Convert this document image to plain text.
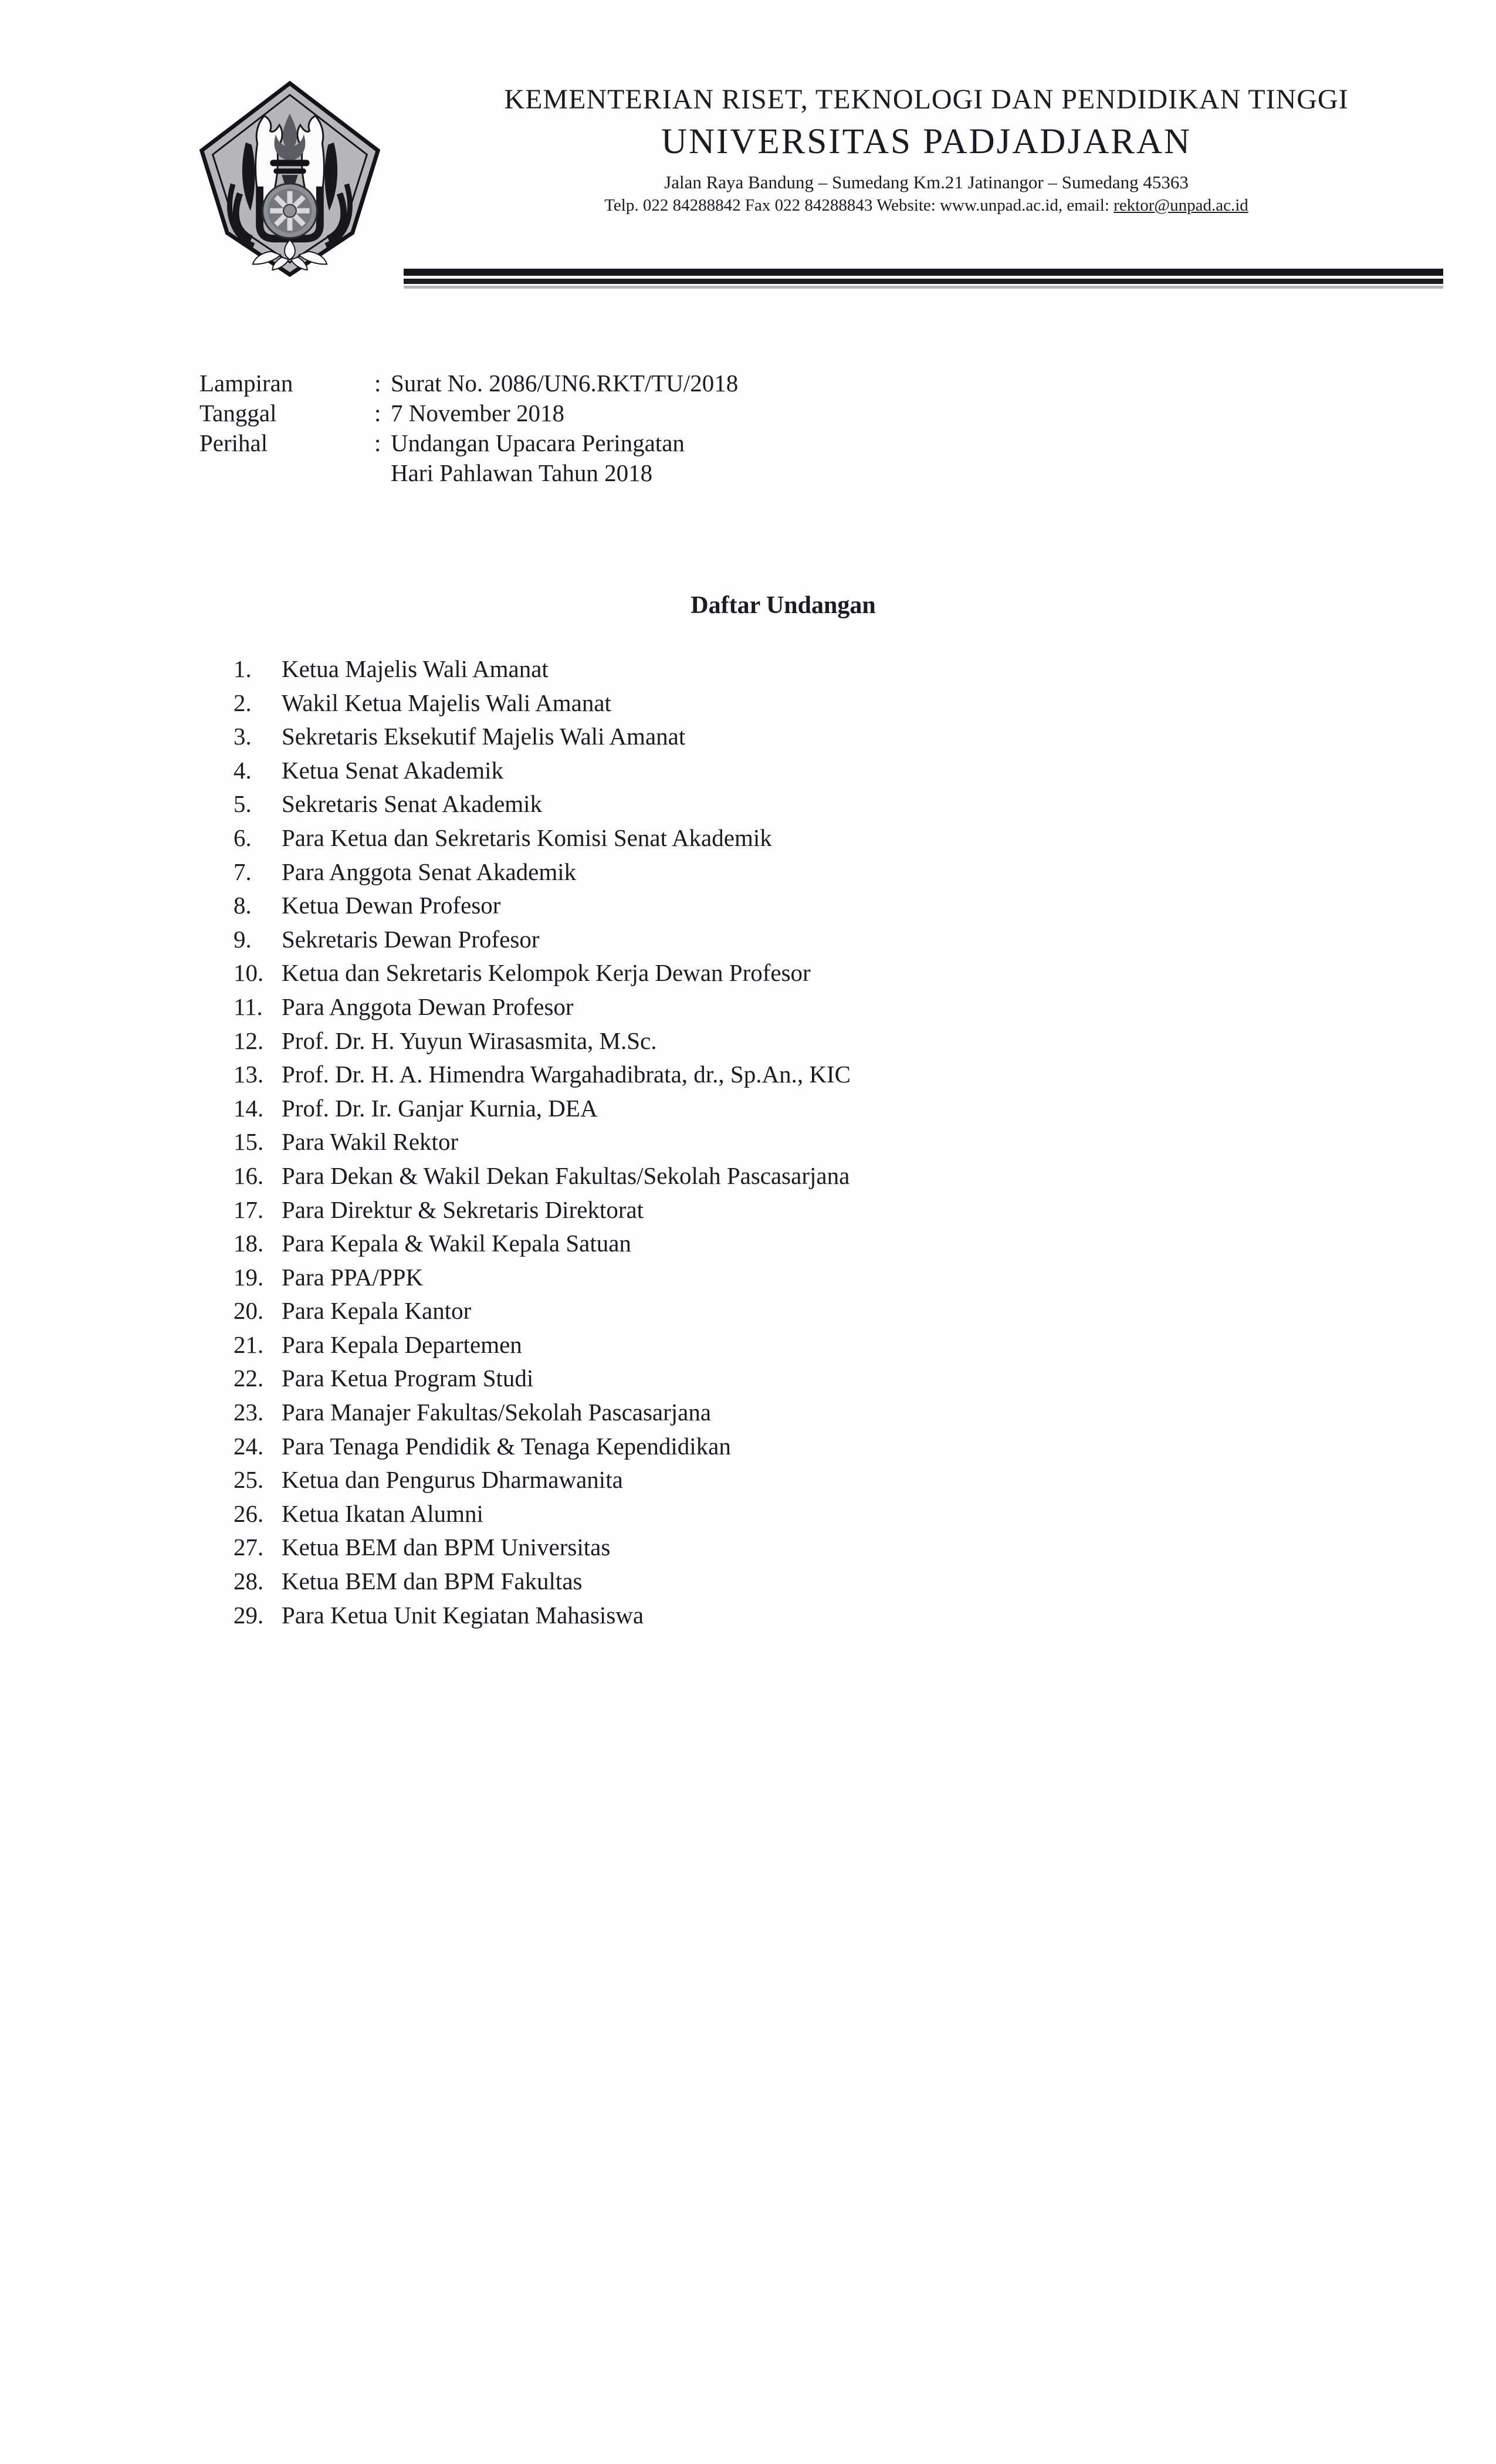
KEMENTERIAN RISET, TEKNOLOGI DAN PENDIDIKAN TINGGI
UNIVERSITAS PADJADJARAN
Jalan Raya Bandung – Sumedang Km.21 Jatinangor – Sumedang 45363
Telp. 022 84288842 Fax 022 84288843 Website: www.unpad.ac.id, email: rektor@unpad.ac.id
Lampiran	: Surat No. 2086/UN6.RKT/TU/2018
Tanggal	: 7 November 2018
Perihal	: Undangan Upacara Peringatan
Hari Pahlawan Tahun 2018
Daftar Undangan
1.	Ketua Majelis Wali Amanat
2.	Wakil Ketua Majelis Wali Amanat
3.	Sekretaris Eksekutif Majelis Wali Amanat
4.	Ketua Senat Akademik
5.	Sekretaris Senat Akademik
6.	Para Ketua dan Sekretaris Komisi Senat Akademik
7.	Para Anggota Senat Akademik
8.	Ketua Dewan Profesor
9.	Sekretaris Dewan Profesor
10. Ketua dan Sekretaris Kelompok Kerja Dewan Profesor
11. Para Anggota Dewan Profesor
12. Prof. Dr. H. Yuyun Wirasasmita, M.Sc.
13. Prof. Dr. H. A. Himendra Wargahadibrata, dr., Sp.An., KIC
14. Prof. Dr. Ir. Ganjar Kurnia, DEA
15. Para Wakil Rektor
16. Para Dekan & Wakil Dekan Fakultas/Sekolah Pascasarjana
17. Para Direktur & Sekretaris Direktorat
18. Para Kepala & Wakil Kepala Satuan
19. Para PPA/PPK
20. Para Kepala Kantor
21. Para Kepala Departemen
22. Para Ketua Program Studi
23. Para Manajer Fakultas/Sekolah Pascasarjana
24. Para Tenaga Pendidik & Tenaga Kependidikan
25. Ketua dan Pengurus Dharmawanita
26. Ketua Ikatan Alumni
27. Ketua BEM dan BPM Universitas
28. Ketua BEM dan BPM Fakultas
29. Para Ketua Unit Kegiatan Mahasiswa
